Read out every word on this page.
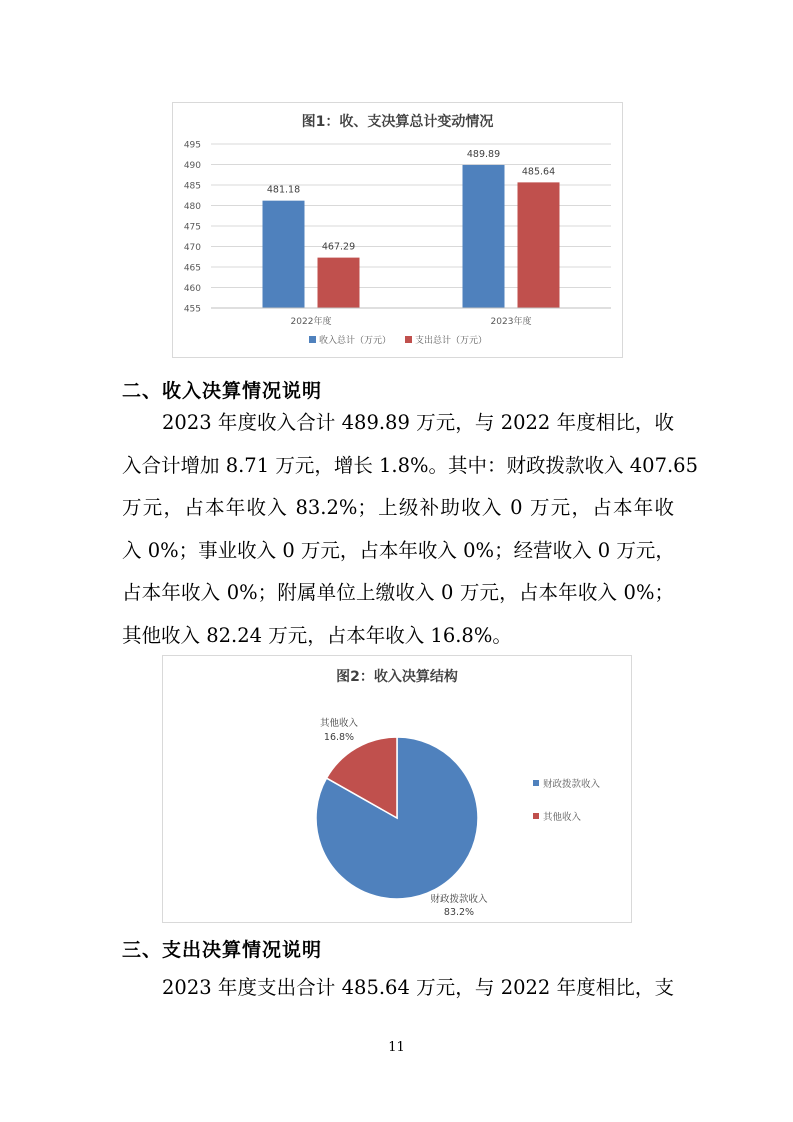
图1：收、支决算总计变动情况
495
490
485
480
475
470
465
460
455
481.18
467.29
2022年度
489.89
485.64
2023年度
收入总计（万元）	支出总计（万元）
二、收入决算情况说明
2023 年度收入合计 489.89 万元，与 2022 年度相比，收
入合计增加 8.71 万元，增长 1.8%。其中：财政拨款收入 407.65
万元，占本年收入 83.2%；上级补助收入 0 万元，占本年收
入 0%；事业收入 0 万元，占本年收入 0%；经营收入 0 万元，
占本年收入 0%；附属单位上缴收入 0 万元，占本年收入 0%；
其他收入 82.24 万元，占本年收入 16.8%。
图2：收入决算结构
财政拨款收入
83.2%
其他收入
16.8%
财政拨款收入
其他收入
三、支出决算情况说明
2023 年度支出合计 485.64 万元，与 2022 年度相比，支
11
